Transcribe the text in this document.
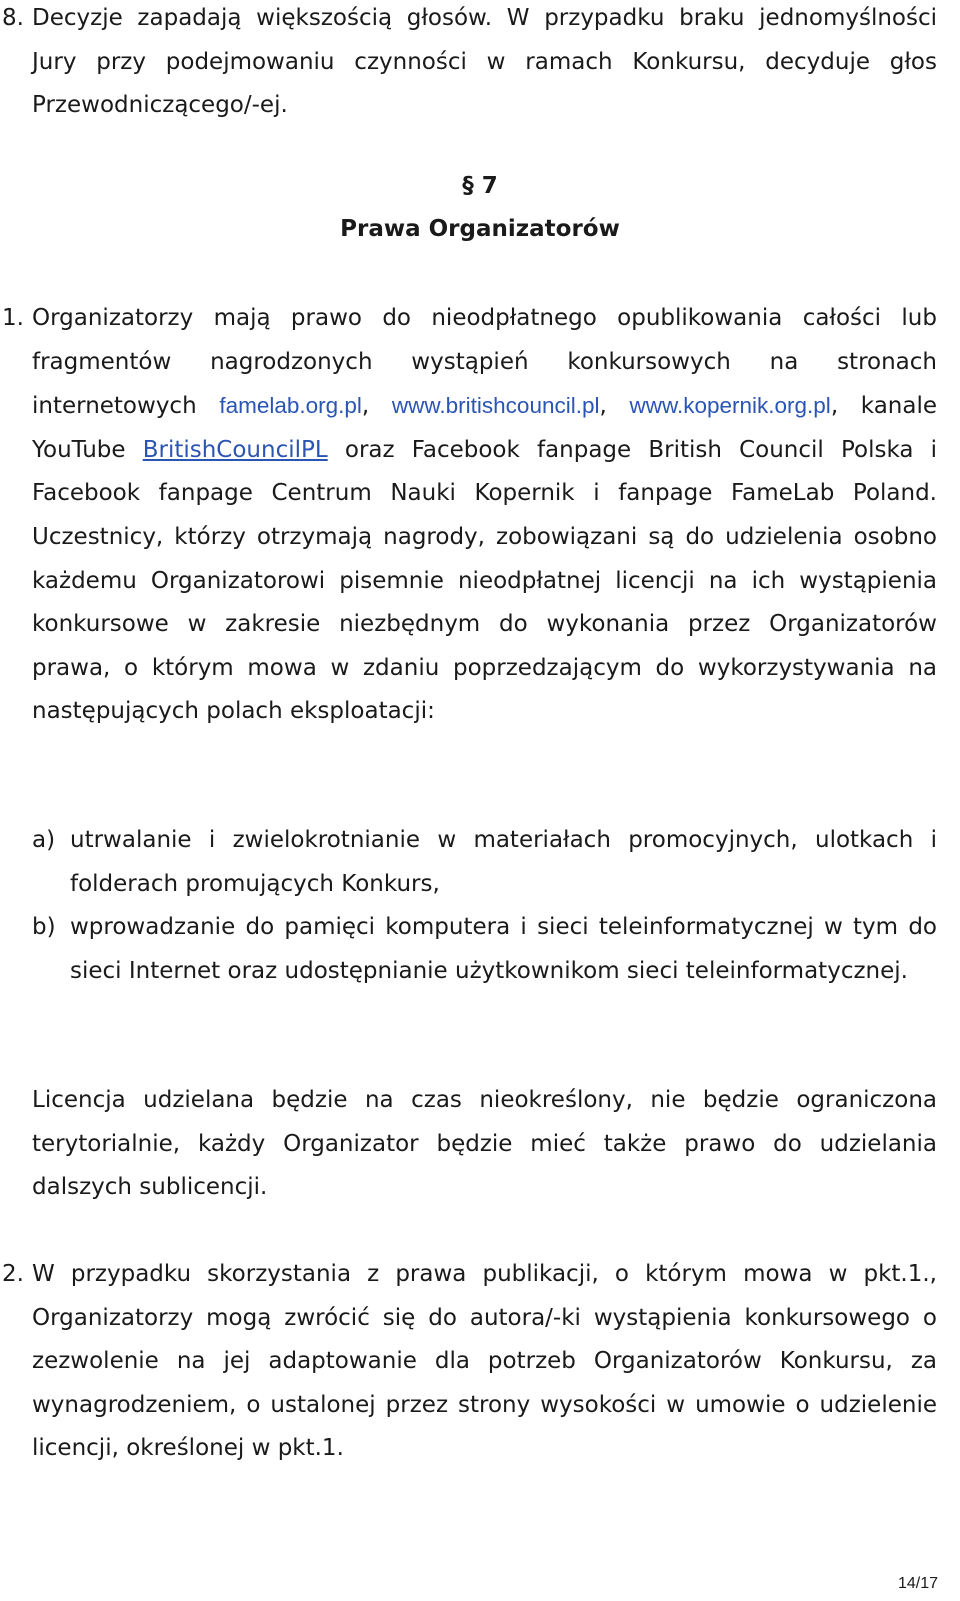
8. Decyzje zapadają większością głosów. W przypadku braku jednomyślności Jury przy podejmowaniu czynności w ramach Konkursu, decyduje głos Przewodniczącego/-ej.
§ 7
Prawa Organizatorów
1. Organizatorzy mają prawo do nieodpłatnego opublikowania całości lub fragmentów nagrodzonych wystąpień konkursowych na stronach internetowych famelab.org.pl, www.britishcouncil.pl, www.kopernik.org.pl, kanale YouTube BritishCouncilPL oraz Facebook fanpage British Council Polska i Facebook fanpage Centrum Nauki Kopernik i fanpage FameLab Poland. Uczestnicy, którzy otrzymają nagrody, zobowiązani są do udzielenia osobno każdemu Organizatorowi pisemnie nieodpłatnej licencji na ich wystąpienia konkursowe w zakresie niezbędnym do wykonania przez Organizatorów prawa, o którym mowa w zdaniu poprzedzającym do wykorzystywania na następujących polach eksploatacji:
a) utrwalanie i zwielokrotnianie w materiałach promocyjnych, ulotkach i folderach promujących Konkurs,
b) wprowadzanie do pamięci komputera i sieci teleinformatycznej w tym do sieci Internet oraz udostępnianie użytkownikom sieci teleinformatycznej.
Licencja udzielana będzie na czas nieokreślony, nie będzie ograniczona terytorialnie, każdy Organizator będzie mieć także prawo do udzielania dalszych sublicencji.
2. W przypadku skorzystania z prawa publikacji, o którym mowa w pkt.1., Organizatorzy mogą zwrócić się do autora/-ki wystąpienia konkursowego o zezwolenie na jej adaptowanie dla potrzeb Organizatorów Konkursu, za wynagrodzeniem, o ustalonej przez strony wysokości w umowie o udzielenie licencji, określonej w pkt.1.
14/17
